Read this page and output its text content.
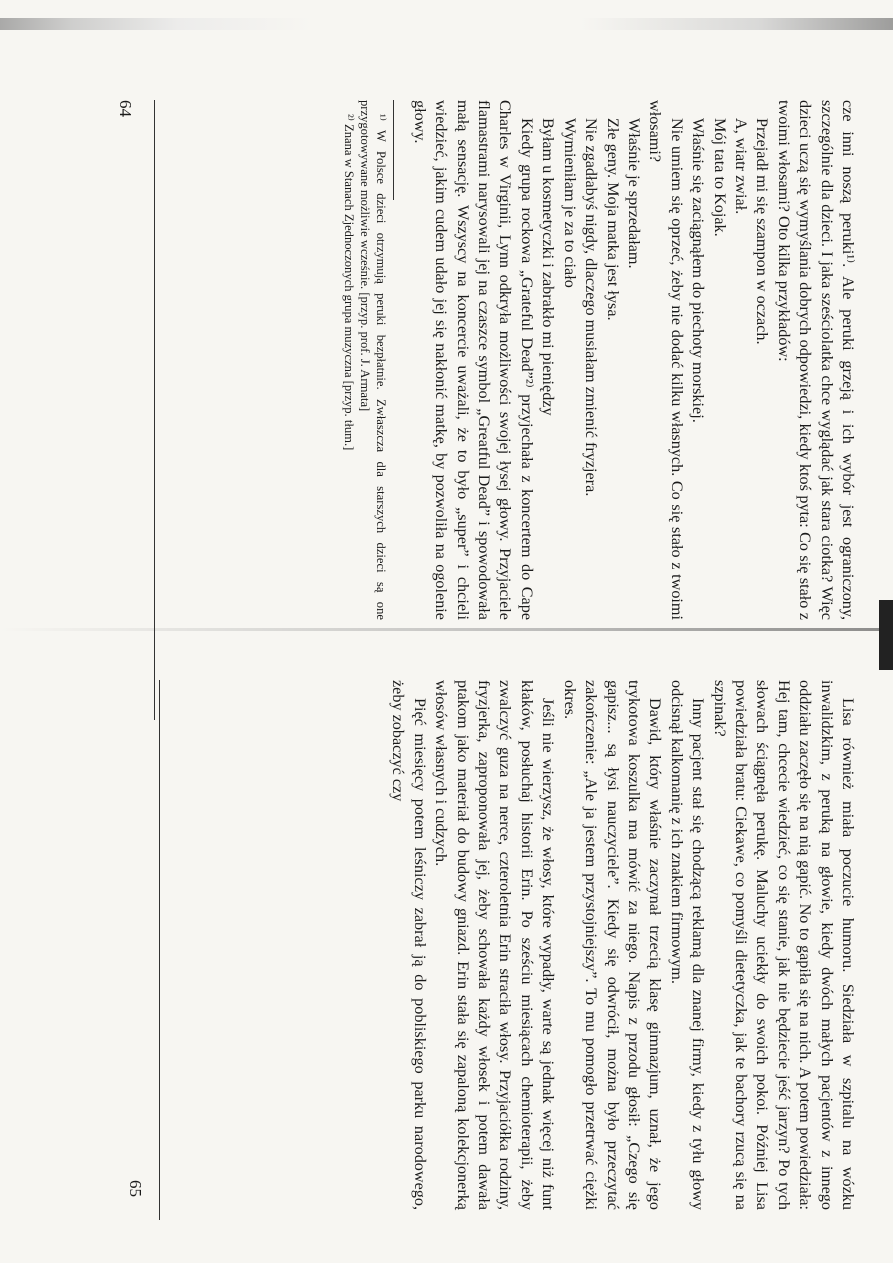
cze inni noszą peruki¹⁾. Ale peruki grzeją i ich wybór jest ograniczony, szczególnie dla dzieci. I jaka sześciolatka chce wyglądać jak stara ciotka? Więc dzieci uczą się wymyślania dobrych odpowiedzi, kiedy ktoś pyta: Co się stało z twoimi włosami? Oto kilka przykładów:

Przejadł mi się szampon w oczach.

A, wiatr zwiał.

Mój tata to Kojak.

Właśnie się zaciągnąłem do piechoty morskiej.

Nie umiem się oprzeć, żeby nie dodać kilku własnych. Co się stało z twoimi włosami?

Właśnie je sprzedałam.

Złe geny. Moja matka jest łysa.

Nie zgadłabyś nigdy, dlaczego musiałam zmienić fryzjera.

Wymieniłam je za to ciało

Byłam u kosmetyczki i zabrakło mi pieniędzy

Kiedy grupa rockowa „Grateful Dead”²⁾ przyjechała z koncertem do Cape Charles w Virginii, Lynn odkryła możliwości swojej łysej głowy. Przyjaciele flamastrami narysowali jej na czaszce symbol „Greatful Dead” i spowodowała małą sensację. Wszyscy na koncercie uważali, że to było „super” i chcieli wiedzieć, jakim cudem udało jej się nakłonić matkę, by pozwoliła na ogolenie głowy.

¹⁾ W Polsce dzieci otrzymują peruki bezpłatnie. Zwłaszcza dla starszych dzieci są one przygotowywane możliwie wcześnie. [przyp. prof. J. Armata]

²⁾ Znana w Stanach Zjednoczonych grupa muzyczna [przyp. tłum.]

64

Lisa również miała poczucie humoru. Siedziała w szpitalu na wózku inwalidzkim, z peruką na głowie, kiedy dwóch małych pacjentów z innego oddziału zaczęło się na nią gapić. No to gapiła się na nich. A potem powiedziała: Hej tam, chcecie wiedzieć, co się stanie, jak nie będziecie jeść jarzyn? Po tych słowach ściągnęła perukę. Maluchy uciekły do swoich pokoi. Później Lisa powiedziała bratu: Ciekawe, co pomyśli dietetyczka, jak te bachory rzucą się na szpinak?

Inny pacjent stał się chodzącą reklamą dla znanej firmy, kiedy z tyłu głowy odcisnął kalkomanię z ich znakiem firmowym.

Dawid, który właśnie zaczynał trzecią klasę gimnazjum, uznał, że jego trykotowa koszulka ma mówić za niego. Napis z przodu głosił: „Czego się gapisz... są łysi nauczyciele”. Kiedy się odwrócił, można było przeczytać zakończenie: „Ale ja jestem przystojniejszy”. To mu pomogło przetrwać ciężki okres.

Jeśli nie wierzysz, że włosy, które wypadły, warte są jednak więcej niż funt kłaków, posłuchaj historii Erin. Po sześciu miesiącach chemioterapii, żeby zwalczyć guza na nerce, czteroletnia Erin straciła włosy. Przyjaciółka rodziny, fryzjerka, zaproponowała jej, żeby schowała każdy włosek i potem dawała ptakom jako materiał do budowy gniazd. Erin stała się zapaloną kolekcjonerką włosów własnych i cudzych.

Pięć miesięcy potem leśniczy zabrał ją do pobliskiego parku narodowego, żeby zobaczyć czy

65
